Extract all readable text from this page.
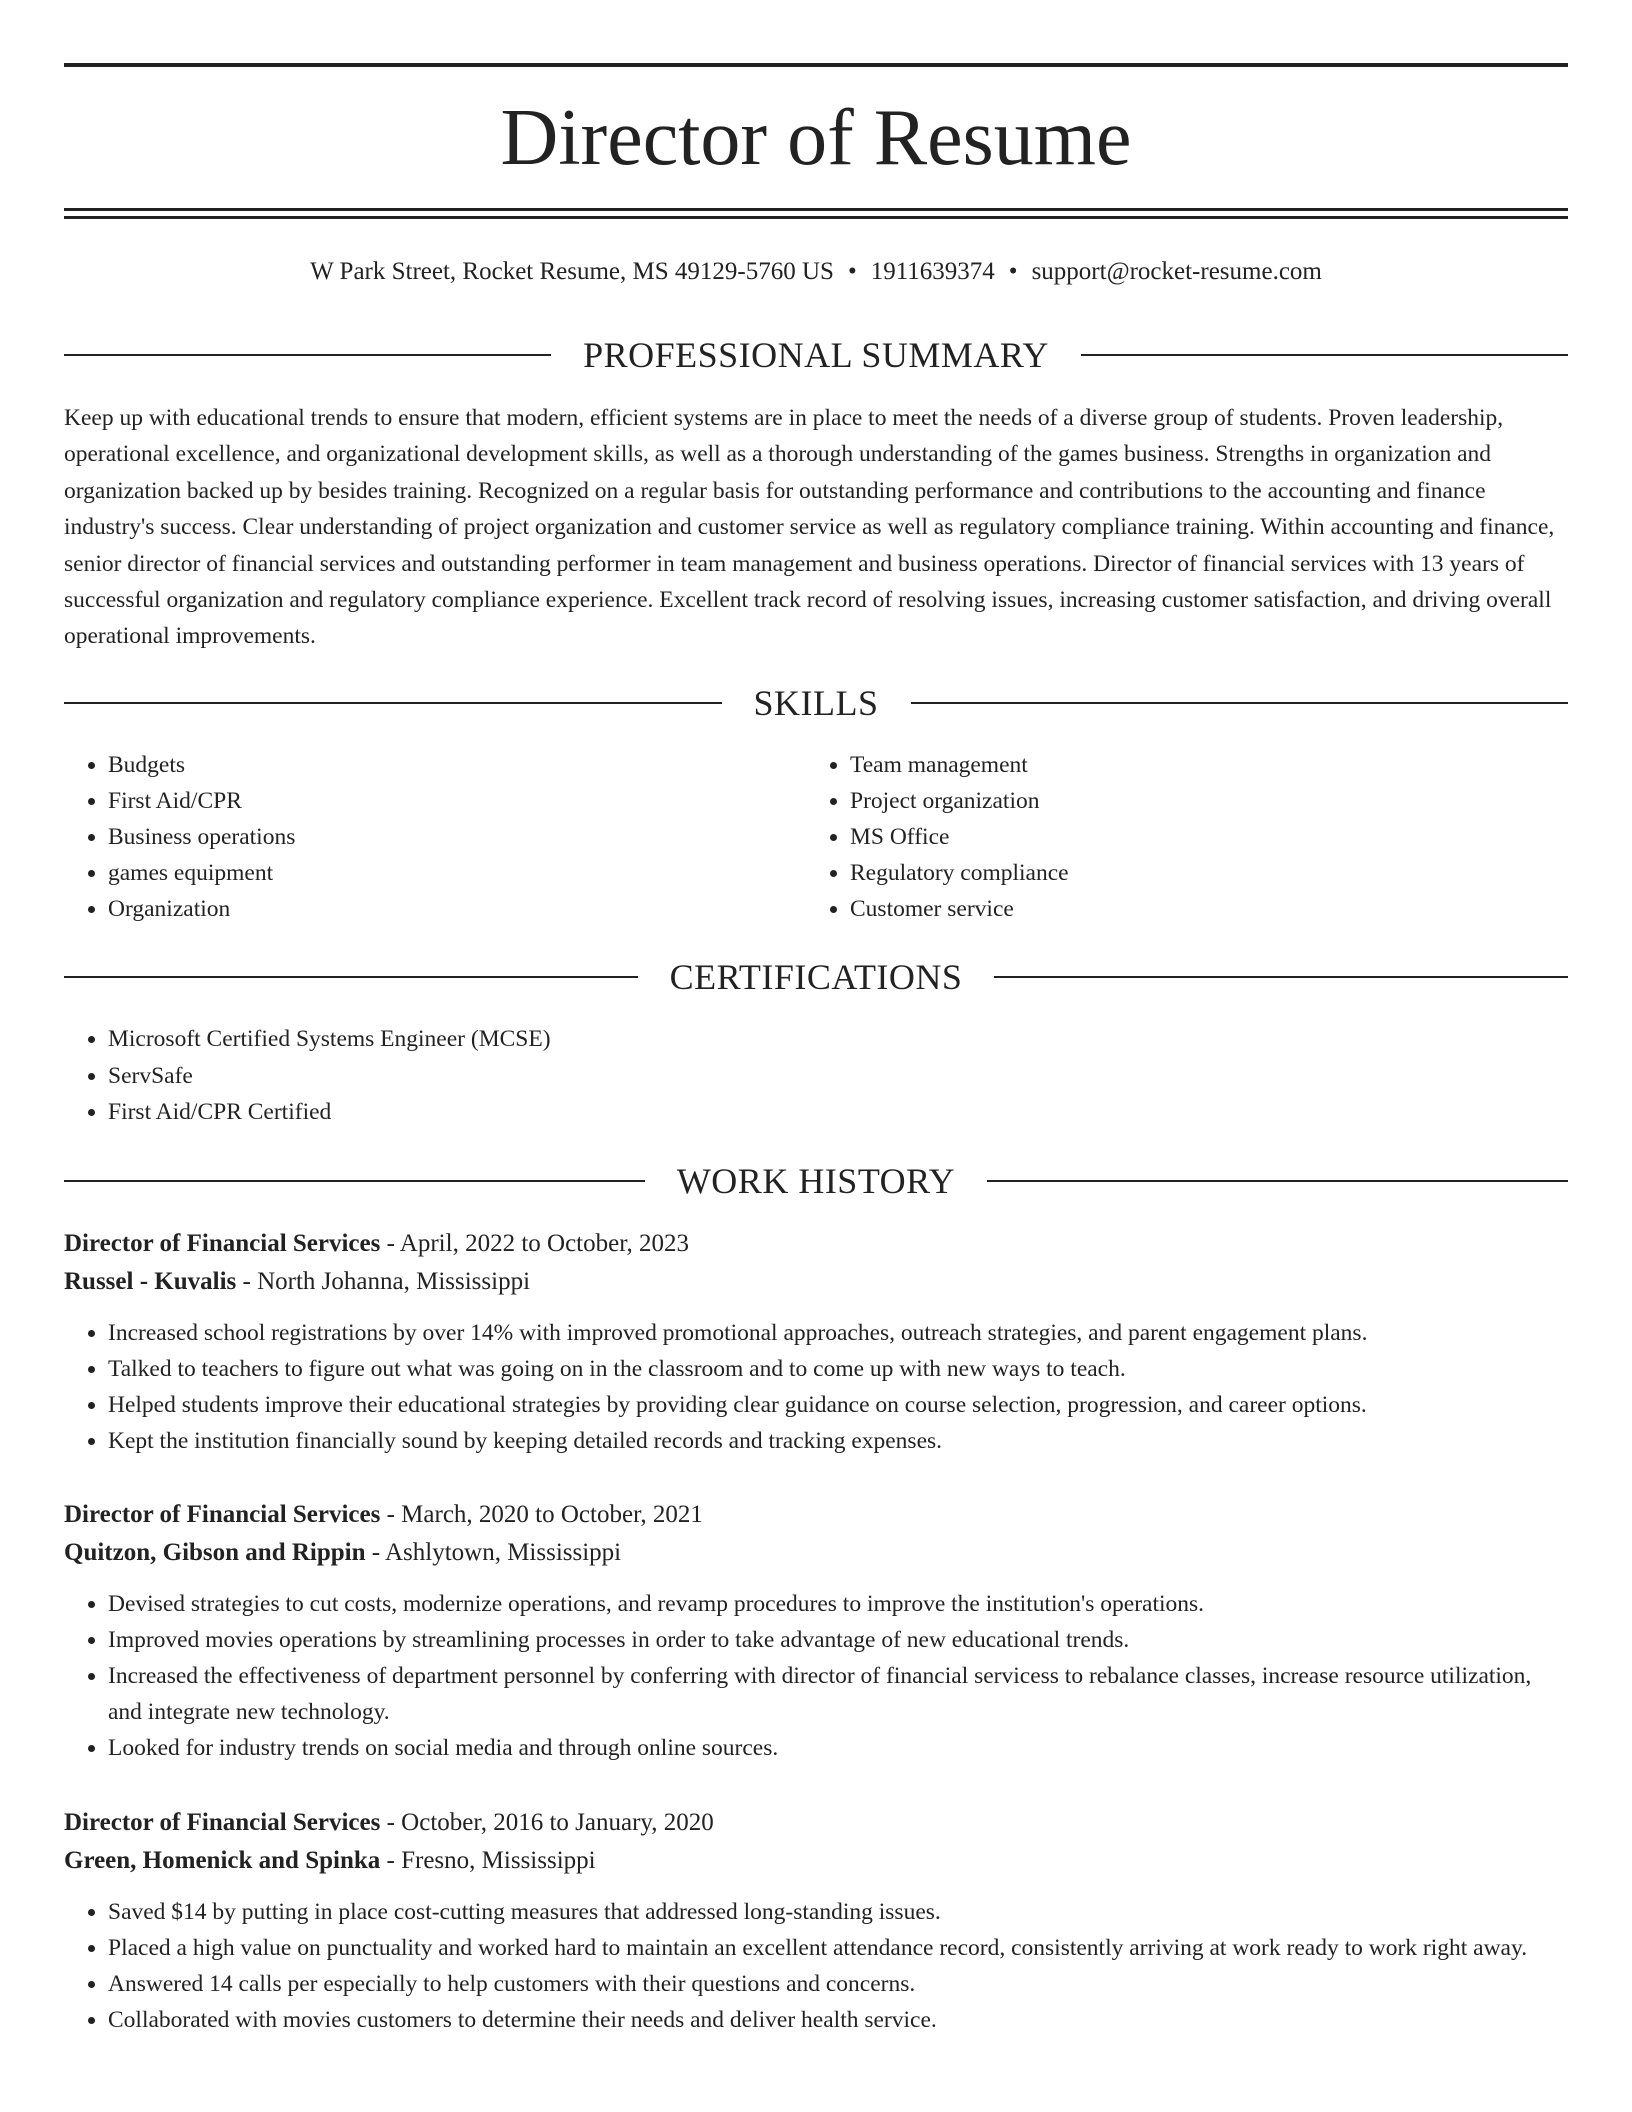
Director of Resume
W Park Street, Rocket Resume, MS 49129-5760 US • 1911639374 • support@rocket-resume.com
PROFESSIONAL SUMMARY

Keep up with educational trends to ensure that modern, efficient systems are in place to meet the needs of a diverse group of students. Proven leadership, operational excellence, and organizational development skills, as well as a thorough understanding of the games business. Strengths in organization and organization backed up by besides training. Recognized on a regular basis for outstanding performance and contributions to the accounting and finance industry's success. Clear understanding of project organization and customer service as well as regulatory compliance training. Within accounting and finance, senior director of financial services and outstanding performer in team management and business operations. Director of financial services with 13 years of successful organization and regulatory compliance experience. Excellent track record of resolving issues, increasing customer satisfaction, and driving overall operational improvements.

SKILLS
• Budgets
• First Aid/CPR
• Business operations
• games equipment
• Organization
• Team management
• Project organization
• MS Office
• Regulatory compliance
• Customer service
CERTIFICATIONS
• Microsoft Certified Systems Engineer (MCSE)
• ServSafe
• First Aid/CPR Certified
WORK HISTORY
Director of Financial Services - April, 2022 to October, 2023
Russel - Kuvalis - North Johanna, Mississippi
• Increased school registrations by over 14% with improved promotional approaches, outreach strategies, and parent engagement plans.
• Talked to teachers to figure out what was going on in the classroom and to come up with new ways to teach.
• Helped students improve their educational strategies by providing clear guidance on course selection, progression, and career options.
• Kept the institution financially sound by keeping detailed records and tracking expenses.
Director of Financial Services - March, 2020 to October, 2021
Quitzon, Gibson and Rippin - Ashlytown, Mississippi
• Devised strategies to cut costs, modernize operations, and revamp procedures to improve the institution's operations.
• Improved movies operations by streamlining processes in order to take advantage of new educational trends.
• Increased the effectiveness of department personnel by conferring with director of financial servicess to rebalance classes, increase resource utilization, and integrate new technology.
• Looked for industry trends on social media and through online sources.
Director of Financial Services - October, 2016 to January, 2020
Green, Homenick and Spinka - Fresno, Mississippi
• Saved $14 by putting in place cost-cutting measures that addressed long-standing issues.
• Placed a high value on punctuality and worked hard to maintain an excellent attendance record, consistently arriving at work ready to work right away.
• Answered 14 calls per especially to help customers with their questions and concerns.
• Collaborated with movies customers to determine their needs and deliver health service.
